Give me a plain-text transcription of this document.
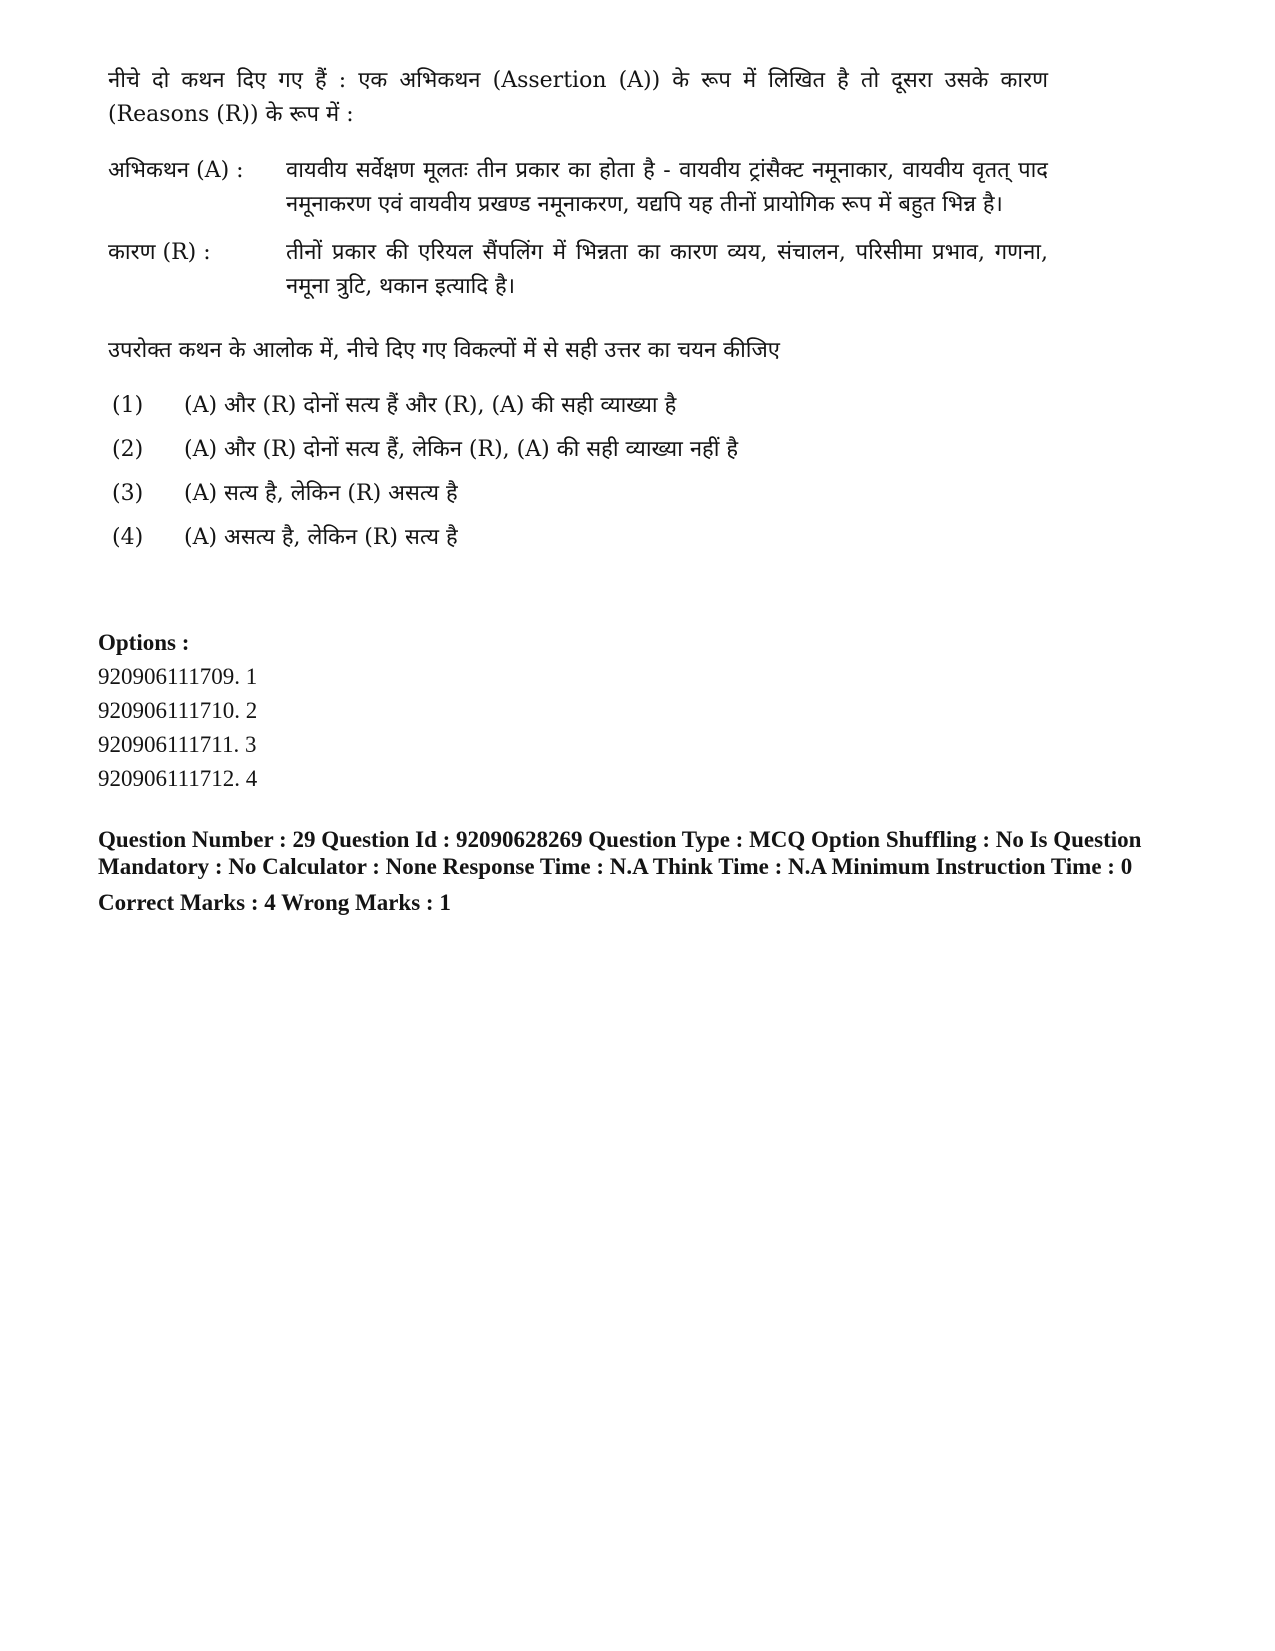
नीचे दो कथन दिए गए हैं : एक अभिकथन (Assertion (A)) के रूप में लिखित है तो दूसरा उसके कारण (Reasons (R)) के रूप में :

अभिकथन (A) :	वायवीय सर्वेक्षण मूलतः तीन प्रकार का होता है - वायवीय ट्रांसैक्ट नमूनाकार, वायवीय वृतत् पाद नमूनाकरण एवं वायवीय प्रखण्ड नमूनाकरण, यद्यपि यह तीनों प्रायोगिक रूप में बहुत भिन्न है।
कारण (R) :	तीनों प्रकार की एरियल सैंपलिंग में भिन्नता का कारण व्यय, संचालन, परिसीमा प्रभाव, गणना, नमूना त्रुटि, थकान इत्यादि है।
उपरोक्त कथन के आलोक में, नीचे दिए गए विकल्पों में से सही उत्तर का चयन कीजिए
(1)	(A) और (R) दोनों सत्य हैं और (R), (A) की सही व्याख्या है
(2)	(A) और (R) दोनों सत्य हैं, लेकिन (R), (A) की सही व्याख्या नहीं है
(3)	(A) सत्य है, लेकिन (R) असत्य है
(4)	(A) असत्य है, लेकिन (R) सत्य है
Options :
920906111709. 1
920906111710. 2
920906111711. 3
920906111712. 4
Question Number : 29 Question Id : 92090628269 Question Type : MCQ Option Shuffling : No Is Question Mandatory : No Calculator : None Response Time : N.A Think Time : N.A Minimum Instruction Time : 0
Correct Marks : 4 Wrong Marks : 1
